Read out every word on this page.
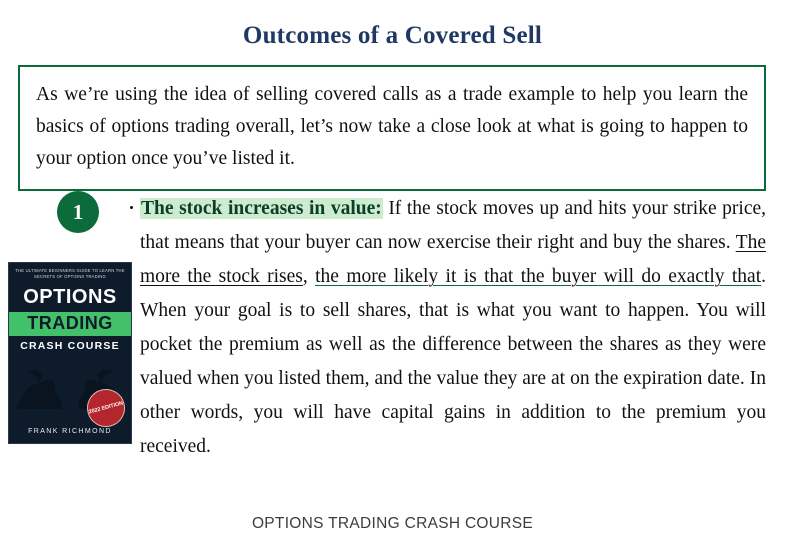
Outcomes of a Covered Sell
As we’re using the idea of selling covered calls as a trade example to help you learn the basics of options trading overall, let’s now take a close look at what is going to happen to your option once you’ve listed it.
1
THE ULTIMATE BEGINNERS GUIDE TO LEARN THE SECRETS OF OPTIONS TRADING
OPTIONS
TRADING
CRASH COURSE
2022 EDITION
FRANK RICHMOND
The stock increases in value: If the stock moves up and hits your strike price, that means that your buyer can now exercise their right and buy the shares. The more the stock rises, the more likely it is that the buyer will do exactly that. When your goal is to sell shares, that is what you want to happen. You will pocket the premium as well as the difference between the shares as they were valued when you listed them, and the value they are at on the expiration date. In other words, you will have capital gains in addition to the premium you received.
OPTIONS TRADING CRASH COURSE
